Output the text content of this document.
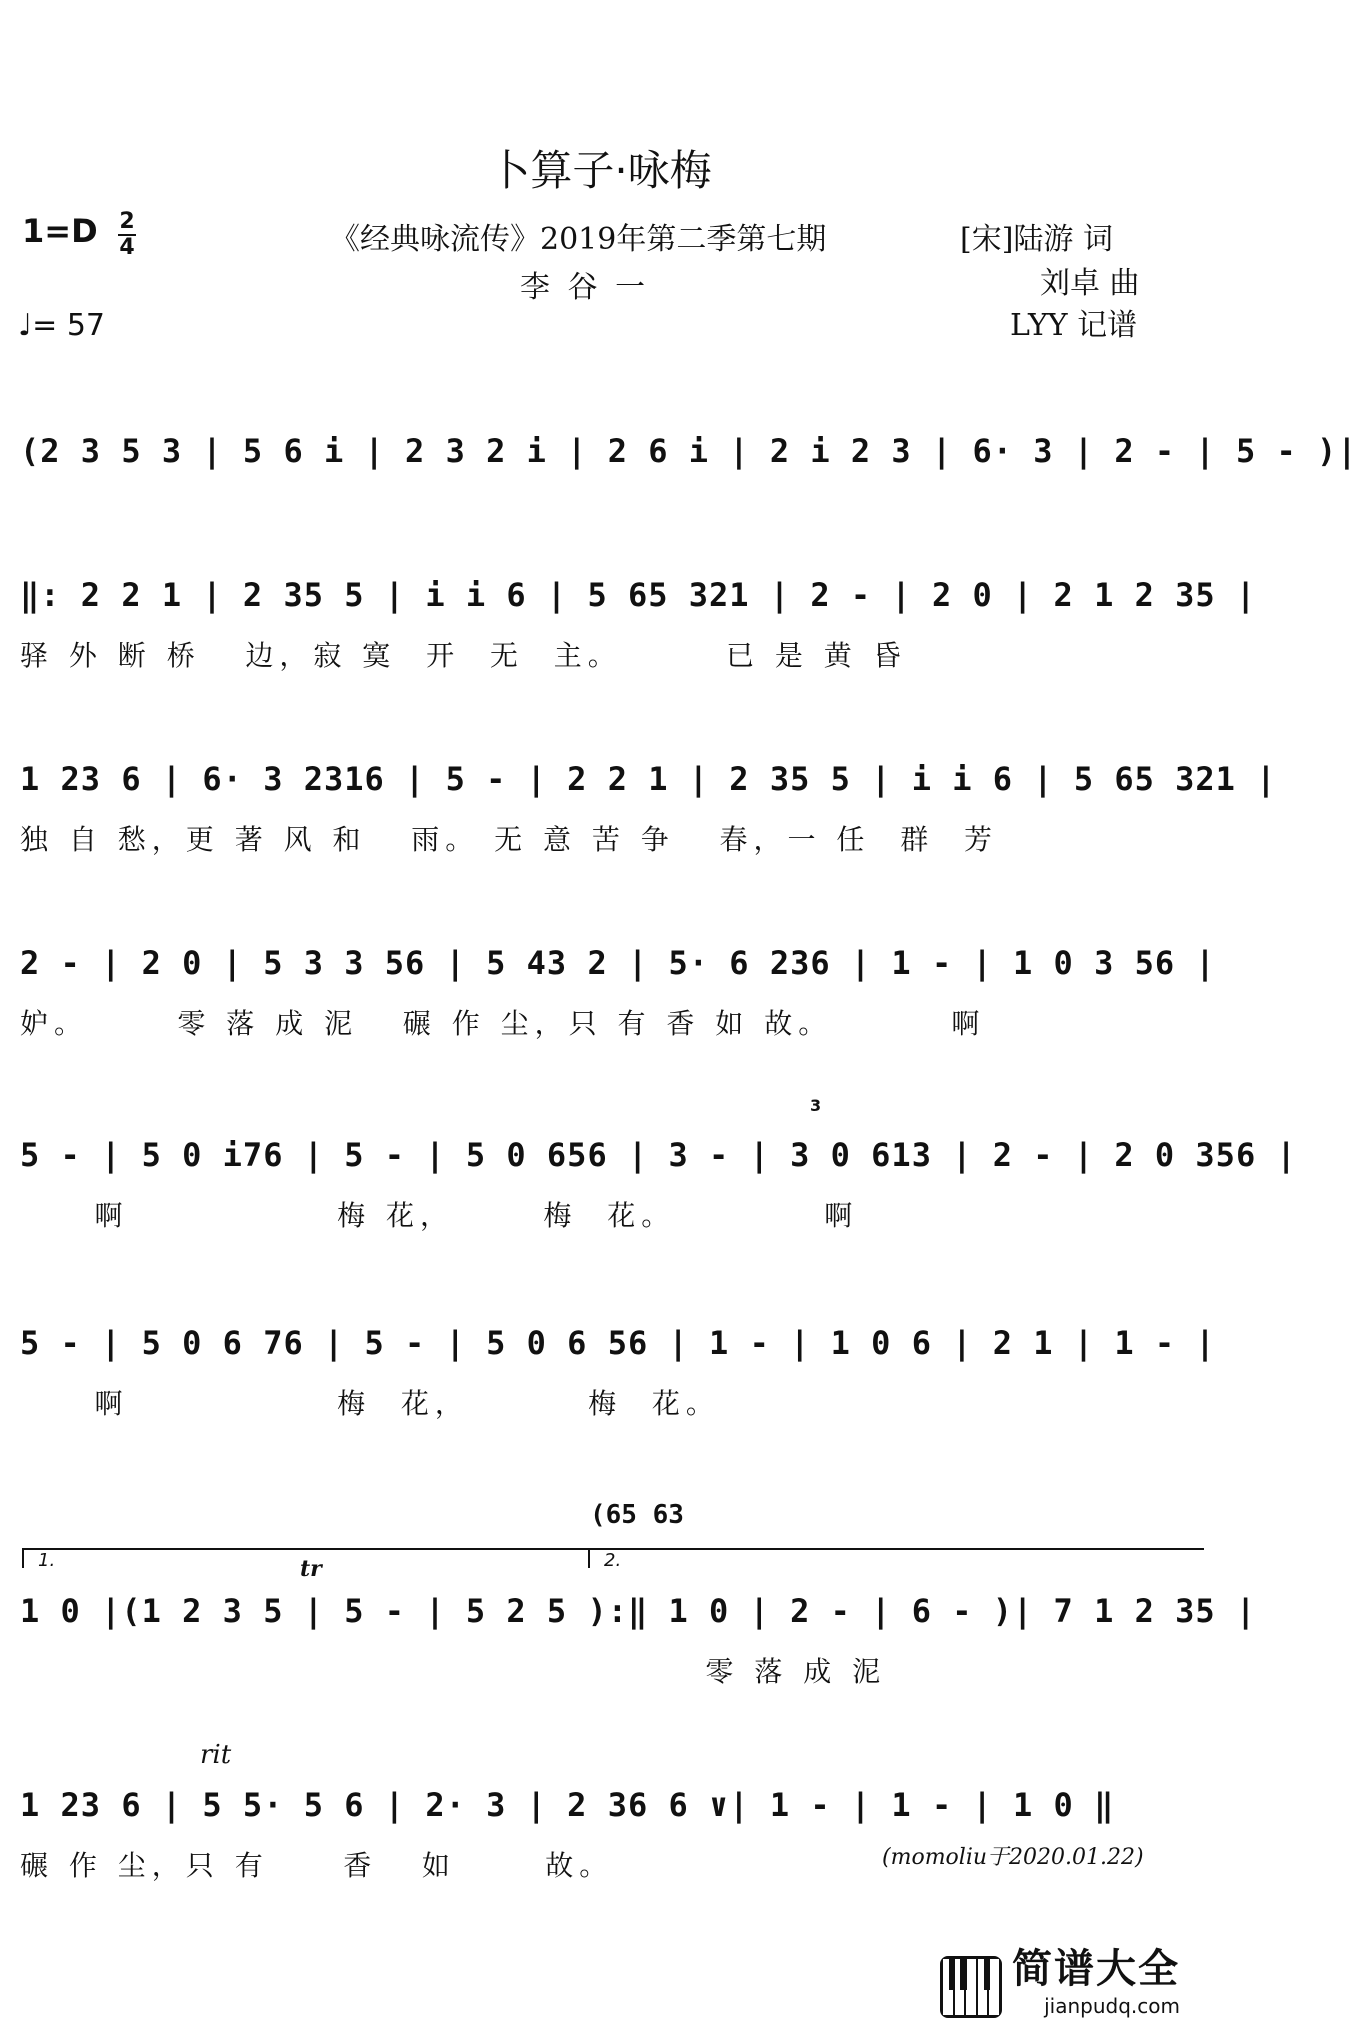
卜算子·咏梅
1=D 2
4
♩= 57
《经典咏流传》2019年第二季第七期
李 谷 一
[宋]陆游 词
刘卓 曲
LYY 记谱
(2 3 5 3 | 5 6 i | 2 3 2 i | 2 6 i | 2 i 2 3 | 6· 3 | 2 - | 5 - )|
‖: 2 2 1 | 2 35 5 | i i 6 | 5 65 321 | 2 - | 2 0 | 2 1 2 35 |
驿 外 断 桥   边，寂 寞  开  无  主。       已 是 黄 昏
1 23 6 | 6· 3 2316 | 5 - | 2 2 1 | 2 35 5 | i i 6 | 5 65 321 |
独 自 愁，更 著 风 和   雨。 无 意 苦 争   春，一 任  群  芳
2 - | 2 0 | 5 3 3 56 | 5 43 2 | 5· 6 236 | 1 - | 1 0 3 56 |
妒。      零 落 成 泥   碾 作 尘，只 有 香 如 故。        啊
3
5 - | 5 0 i76 | 5 - | 5 0 656 | 3 - | 3 0 613 | 2 - | 2 0 356 |
啊              梅 花，      梅  花。          啊
5 - | 5 0 6 76 | 5 - | 5 0 6 56 | 1 - | 1 0 6 | 2 1 | 1 - |
啊              梅  花，        梅  花。
(65 63
1.	2.
tr
1 0 |(1 2 3 5 | 5 - | 5 2 5 ):‖ 1 0 | 2 - | 6 - )| 7 1 2 35 |
零 落 成 泥
rit
1 23 6 | 5 5· 5 6 | 2· 3 | 2 36 6 ∨| 1 - | 1 - | 1 0 ‖
碾 作 尘，只 有     香   如      故。	(momoliu于2020.01.22)
简谱大全
jianpudq.com
